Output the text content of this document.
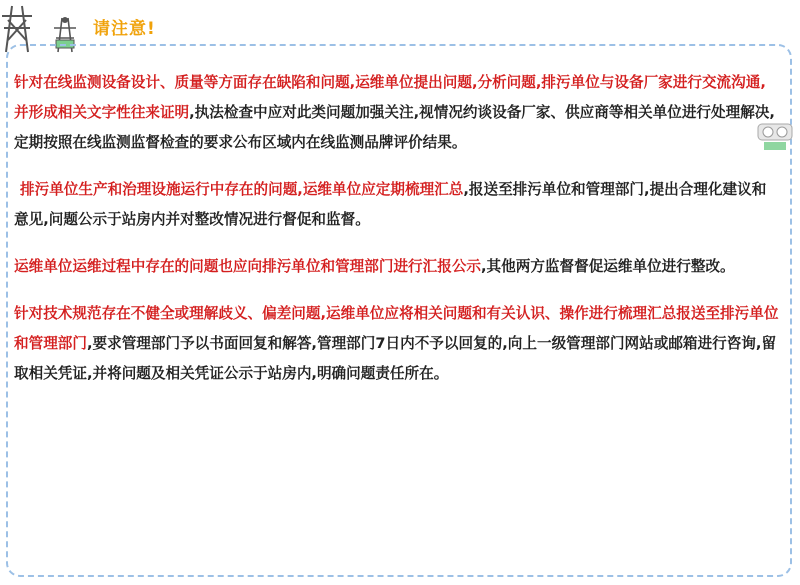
请注意!

针对在线监测设备设计、质量等方面存在缺陷和问题,运维单位提出问题,分析问题,排污单位与设备厂家进行交流沟通,并形成相关文字性往来证明,执法检查中应对此类问题加强关注,视情况约谈设备厂家、供应商等相关单位进行处理解决,定期按照在线监测监督检查的要求公布区域内在线监测品牌评价结果。

排污单位生产和治理设施运行中存在的问题,运维单位应定期梳理汇总,报送至排污单位和管理部门,提出合理化建议和意见,问题公示于站房内并对整改情况进行督促和监督。

运维单位运维过程中存在的问题也应向排污单位和管理部门进行汇报公示,其他两方监督督促运维单位进行整改。

针对技术规范存在不健全或理解歧义、偏差问题,运维单位应将相关问题和有关认识、操作进行梳理汇总报送至排污单位和管理部门,要求管理部门予以书面回复和解答,管理部门7日内不予以回复的,向上一级管理部门网站或邮箱进行咨询,留取相关凭证,并将问题及相关凭证公示于站房内,明确问题责任所在。
